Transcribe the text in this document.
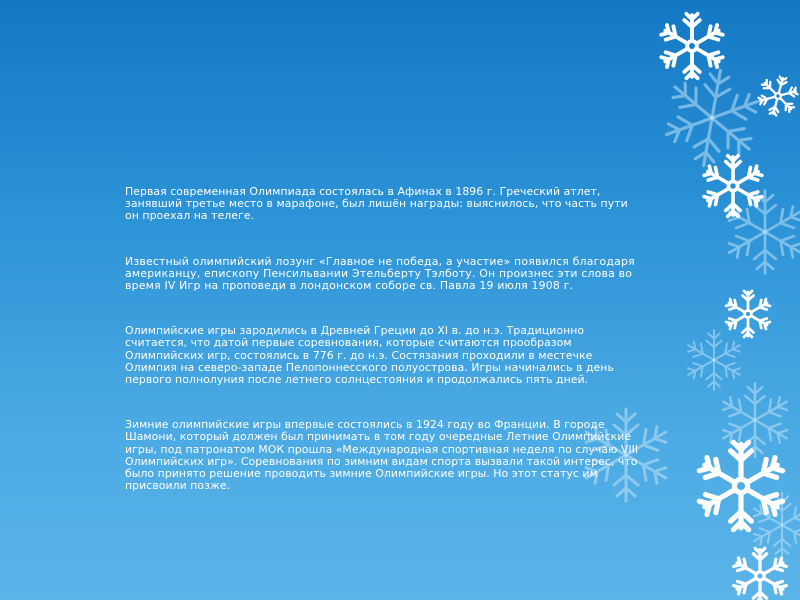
Первая современная Олимпиада состоялась в Афинах в 1896 г. Греческий атлет,
занявший третье место в марафоне, был лишён награды: выяснилось, что часть пути
он проехал на телеге.
Известный олимпийский лозунг «Главное не победа, а участие» появился благодаря
американцу, епископу Пенсильвании Этельберту Тэлботу. Он произнес эти слова во
время IV Игр на проповеди в лондонском соборе св. Павла 19 июля 1908 г.
Олимпийские игры зародились в Древней Греции до XI в. до н.э. Традиционно
считается, что датой первые соревнования, которые считаются прообразом
Олимпийских игр, состоялись в 776 г. до н.э. Состязания проходили в местечке
Олимпия на северо-западе Пелопоннесского полуострова. Игры начинались в день
первого полнолуния после летнего солнцестояния и продолжались пять дней.
Зимние олимпийские игры впервые состоялись в 1924 году во Франции. В городе
Шамони, который должен был принимать в том году очередные Летние Олимпийские
игры, под патронатом МОК прошла «Международная спортивная неделя по случаю VIII
Олимпийских игр». Соревнования по зимним видам спорта вызвали такой интерес, что
было принято решение проводить зимние Олимпийские игры. Но этот статус им
присвоили позже.
